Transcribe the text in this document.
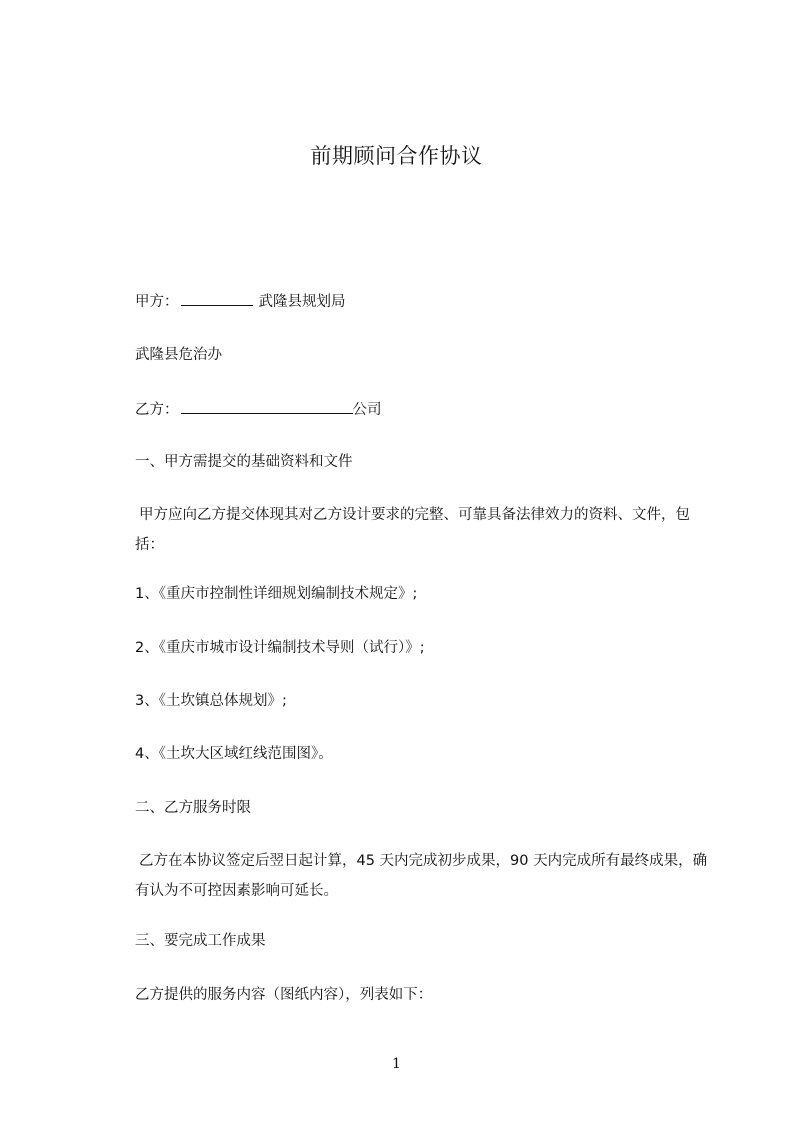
前期顾问合作协议
甲方：	武隆县规划局
武隆县危治办
乙方：	公司
一、甲方需提交的基础资料和文件
甲方应向乙方提交体现其对乙方设计要求的完整、可靠具备法律效力的资料、文件，包括：
1、《重庆市控制性详细规划编制技术规定》;
2、《重庆市城市设计编制技术导则（试行）》;
3、《土坎镇总体规划》;
4、《土坎大区域红线范围图》。
二、乙方服务时限
乙方在本协议签定后翌日起计算，45 天内完成初步成果，90 天内完成所有最终成果，确有认为不可控因素影响可延长。
三、要完成工作成果
乙方提供的服务内容（图纸内容），列表如下：
1
